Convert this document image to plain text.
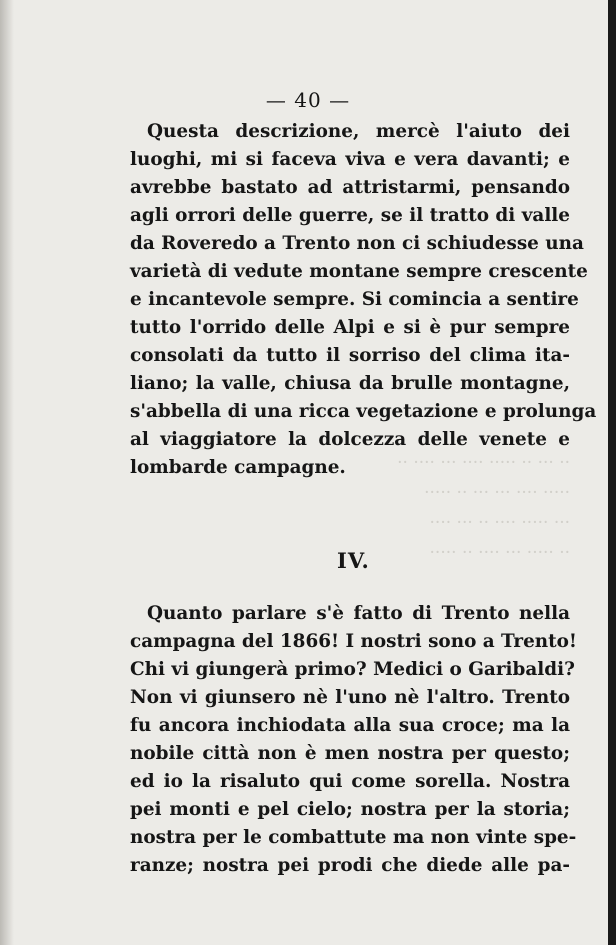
·· ··· ·· ····· ···· ··· ···· ··
····· ···· ··· ··· ·· ·····
··· ····· ···· ·· ··· ····
·· ····· ··· ···· ·· ·····
— 40 —

Questa descrizione, mercè l'aiuto dei

luoghi, mi si faceva viva e vera davanti; e

avrebbe bastato ad attristarmi, pensando

agli orrori delle guerre, se il tratto di valle

da Roveredo a Trento non ci schiudesse una

varietà di vedute montane sempre crescente

e incantevole sempre. Si comincia a sentire

tutto l'orrido delle Alpi e si è pur sempre

consolati da tutto il sorriso del clima ita-

liano; la valle, chiusa da brulle montagne,

s'abbella di una ricca vegetazione e prolunga

al viaggiatore la dolcezza delle venete e

lombarde campagne.

IV.

Quanto parlare s'è fatto di Trento nella

campagna del 1866! I nostri sono a Trento!

Chi vi giungerà primo? Medici o Garibaldi?

Non vi giunsero nè l'uno nè l'altro. Trento

fu ancora inchiodata alla sua croce; ma la

nobile città non è men nostra per questo;

ed io la risaluto qui come sorella. Nostra

pei monti e pel cielo; nostra per la storia;

nostra per le combattute ma non vinte spe-

ranze; nostra pei prodi che diede alle pa-
